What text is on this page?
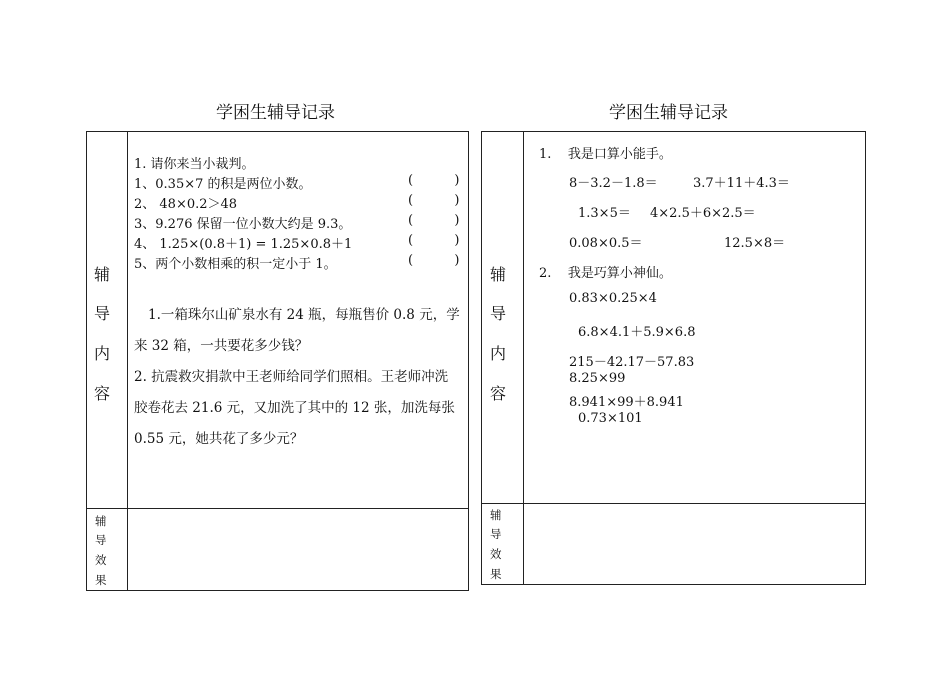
学困生辅导记录
辅
导
内
容
辅
导
效
果
1. 请你来当小裁判。
1、0.35×7 的积是两位小数。	(          )
2、 48×0.2＞48	(          )
3、9.276 保留一位小数大约是 9.3。	(          )
4、 1.25×(0.8＋1) = 1.25×0.8＋1	(          )
5、两个小数相乘的积一定小于 1。	(          )
1.一箱珠尔山矿泉水有 24 瓶，每瓶售价 0.8 元，学
来 32 箱，一共要花多少钱？
2. 抗震救灾捐款中王老师给同学们照相。王老师冲洗
胶卷花去 21.6 元，又加洗了其中的 12 张，加洗每张
0.55 元，她共花了多少元？
学困生辅导记录
辅
导
内
容
辅
导
效
果
1.    我是口算小能手。
8－3.2－1.8＝	3.7＋11＋4.3＝
1.3×5＝ 4×2.5＋6×2.5＝
0.08×0.5＝	12.5×8＝
2.    我是巧算小神仙。
0.83×0.25×4
6.8×4.1＋5.9×6.8
215－42.17－57.83
8.25×99
8.941×99＋8.941
0.73×101
